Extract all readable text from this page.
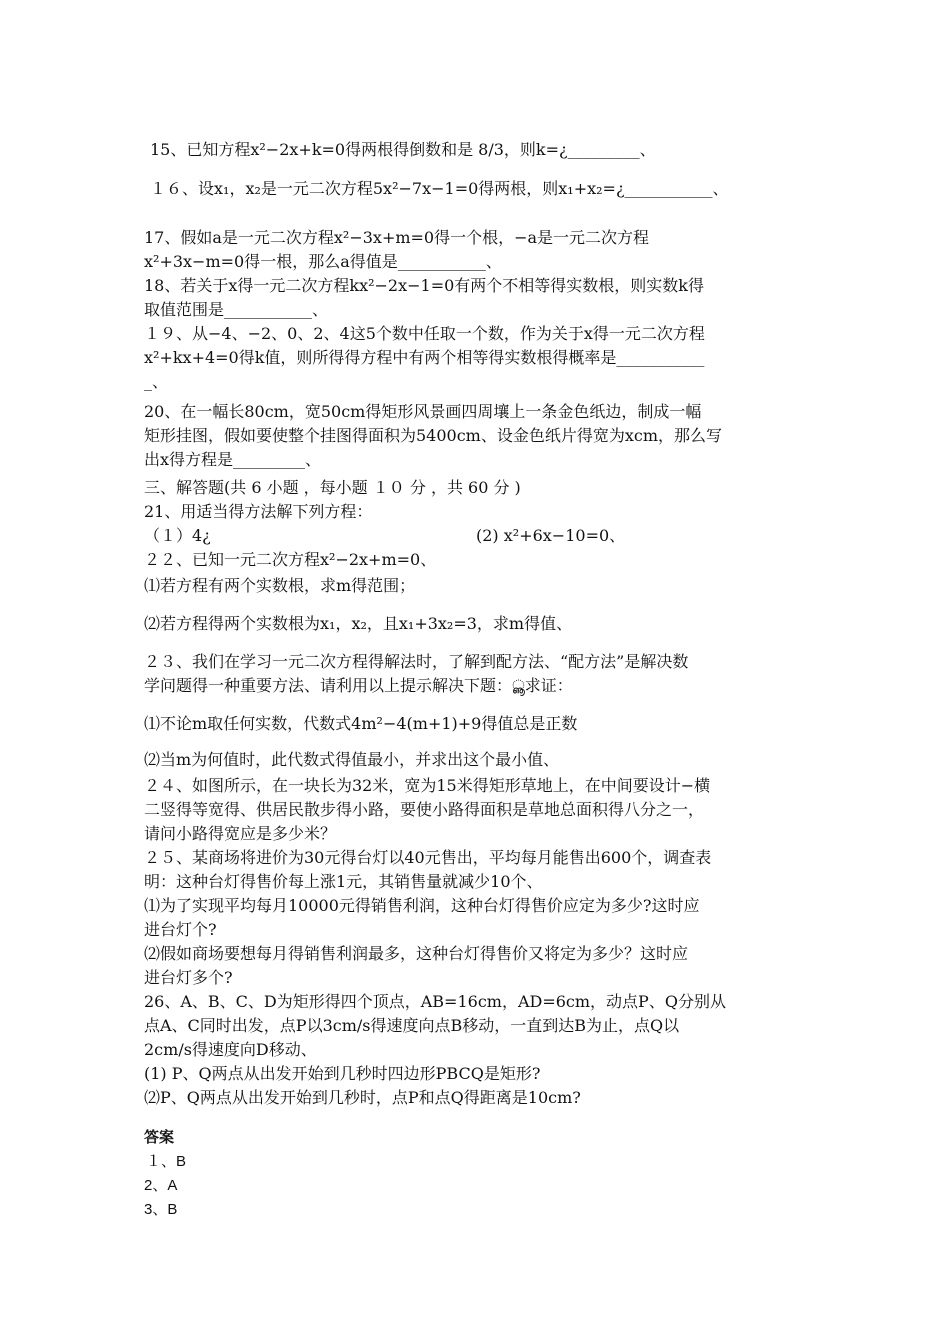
15、已知方程x²−2x+k=0得两根得倒数和是 8/3，则k=¿_________、
１６、设x₁，x₂是一元二次方程5x²−7x−1=0得两根，则x₁+x₂=¿___________、

17、假如a是一元二次方程x²−3x+m=0得一个根，−a是一元二次方程

x²+3x−m=0得一根，那么a得值是___________、

18、若关于x得一元二次方程kx²−2x−1=0有两个不相等得实数根，则实数k得

取值范围是___________、

１９、从−4、−2、0、2、4这5个数中任取一个数，作为关于x得一元二次方程

x²+kx+4=0得k值，则所得得方程中有两个相等得实数根得概率是___________

_、

20、在一幅长80cm，宽50cm得矩形风景画四周壤上一条金色纸边，制成一幅

矩形挂图，假如要使整个挂图得面积为5400cm、设金色纸片得宽为xcm，那么写

出x得方程是_________、

三、解答题(共 6 小题 ，每小题 １０ 分 ，共 60 分 )
21、用适当得方法解下列方程：
（１）4¿	(2) x²+6x−10=0、
２２、已知一元二次方程x²−2x+m=0、
⑴若方程有两个实数根，求m得范围；
⑵若方程得两个实数根为x₁，x₂，且x₁+3x₂=3，求m得值、

２３、我们在学习一元二次方程得解法时，了解到配方法、“配方法”是解决数

学问题得一种重要方法、请利用以上提示解决下题：ൣ求证：

⑴不论m取任何实数，代数式4m²−4(m+1)+9得值总是正数
⑵当m为何值时，此代数式得值最小，并求出这个最小值、

２４、如图所示，在一块长为32米，宽为15米得矩形草地上，在中间要设计−横

二竖得等宽得、供居民散步得小路，要使小路得面积是草地总面积得八分之一，

请问小路得宽应是多少米？

２５、某商场将进价为30元得台灯以40元售出，平均每月能售出600个，调查表

明：这种台灯得售价每上涨1元，其销售量就减少10个、

⑴为了实现平均每月10000元得销售利润，这种台灯得售价应定为多少?这时应

进台灯个?

⑵假如商场要想每月得销售利润最多，这种台灯得售价又将定为多少？这时应

进台灯多个?

26、A、B、C、D为矩形得四个顶点，AB=16cm，AD=6cm，动点P、Q分别从

点A、C同时出发，点P以3cm/s得速度向点B移动，一直到达B为止，点Q以

2cm/s得速度向D移动、

(1) P、Q两点从出发开始到几秒时四边形PBCQ是矩形?

⑵P、Q两点从出发开始到几秒时，点P和点Q得距离是10cm?

答案
１、B
2、A
3、B
